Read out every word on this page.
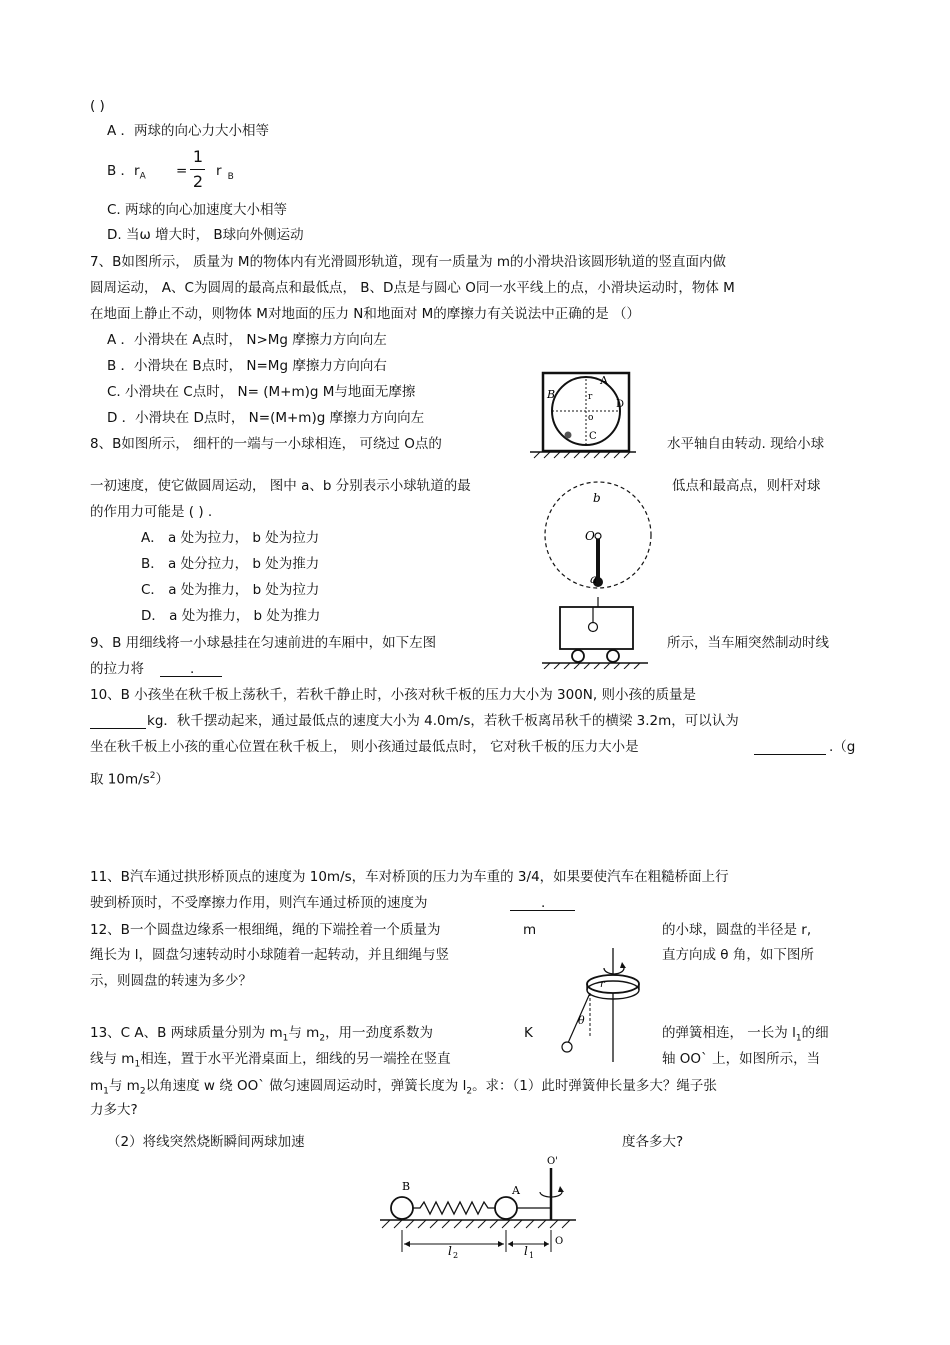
( )
A ．两球的向心力大小相等
B ．$r_A$ =
1
2
r $_B$
C. 两球的向心加速度大小相等
D. 当ω 增大时， B球向外侧运动
7、B如图所示， 质量为 M的物体内有光滑圆形轨道，现有一质量为 m的小滑块沿该圆形轨道的竖直面内做
圆周运动， A、C为圆周的最高点和最低点， B、D点是与圆心 O同一水平线上的点，小滑块运动时，物体 M
在地面上静止不动，则物体 M对地面的压力 N和地面对 M的摩擦力有关说法中正确的是 （）
A ．小滑块在 A点时， N>Mg 摩擦力方向向左
B ．小滑块在 B点时， N=Mg 摩擦力方向向右
C. 小滑块在 C点时， N= (M+m)g M与地面无摩擦
D ．小滑块在 D点时， N=(M+m)g 摩擦力方向向左
A
B
C
D
o
r
8、B如图所示， 细杆的一端与一小球相连， 可绕过 O点的	水平轴自由转动. 现给小球
一初速度，使它做圆周运动， 图中 a、b 分别表示小球轨道的最	低点和最高点，则杆对球
的作用力可能是 ( ) .
A． a 处为拉力， b 处为拉力
B． a 处分拉力， b 处为推力
C． a 处为推力， b 处为拉力
D． a 处为推力， b 处为推力
b
O
a
9、B 用细线将一小球悬挂在匀速前进的车厢中，如下左图	所示，当车厢突然制动时线
的拉力将	.
10、B 小孩坐在秋千板上荡秋千，若秋千静止时，小孩对秋千板的压力大小为 300N, 则小孩的质量是
kg．秋千摆动起来，通过最低点的速度大小为 4.0m/s，若秋千板离吊秋千的横梁 3.2m，可以认为
坐在秋千板上小孩的重心位置在秋千板上， 则小孩通过最低点时， 它对秋千板的压力大小是	.（g
取 $10m/s^2$）
11、B汽车通过拱形桥顶点的速度为 10m/s，车对桥顶的压力为车重的 3/4，如果要使汽车在粗糙桥面上行
驶到桥顶时，不受摩擦力作用，则汽车通过桥顶的速度为	.
12、B一个圆盘边缘系一根细绳，绳的下端拴着一个质量为	m	的小球，圆盘的半径是 r,
绳长为 l，圆盘匀速转动时小球随着一起转动，并且细绳与竖	直方向成 θ 角，如下图所
示，则圆盘的转速为多少？	r
θ
13、C A、B 两球质量分别为 $m_1$与 $m_2$，用一劲度系数为	K	的弹簧相连， 一长为 $l_1$的细
线与 $m_1$相连，置于水平光滑桌面上，细线的另一端拴在竖直	轴 OO` 上，如图所示，当
$m_1$与 $m_2$以角速度 w 绕 OO` 做匀速圆周运动时，弹簧长度为 $l_2$。求：（1）此时弹簧伸长量多大？绳子张
力多大?
（2）将线突然烧断瞬间两球加速	度各多大?
B	A
O'
l 2	l 1
O
